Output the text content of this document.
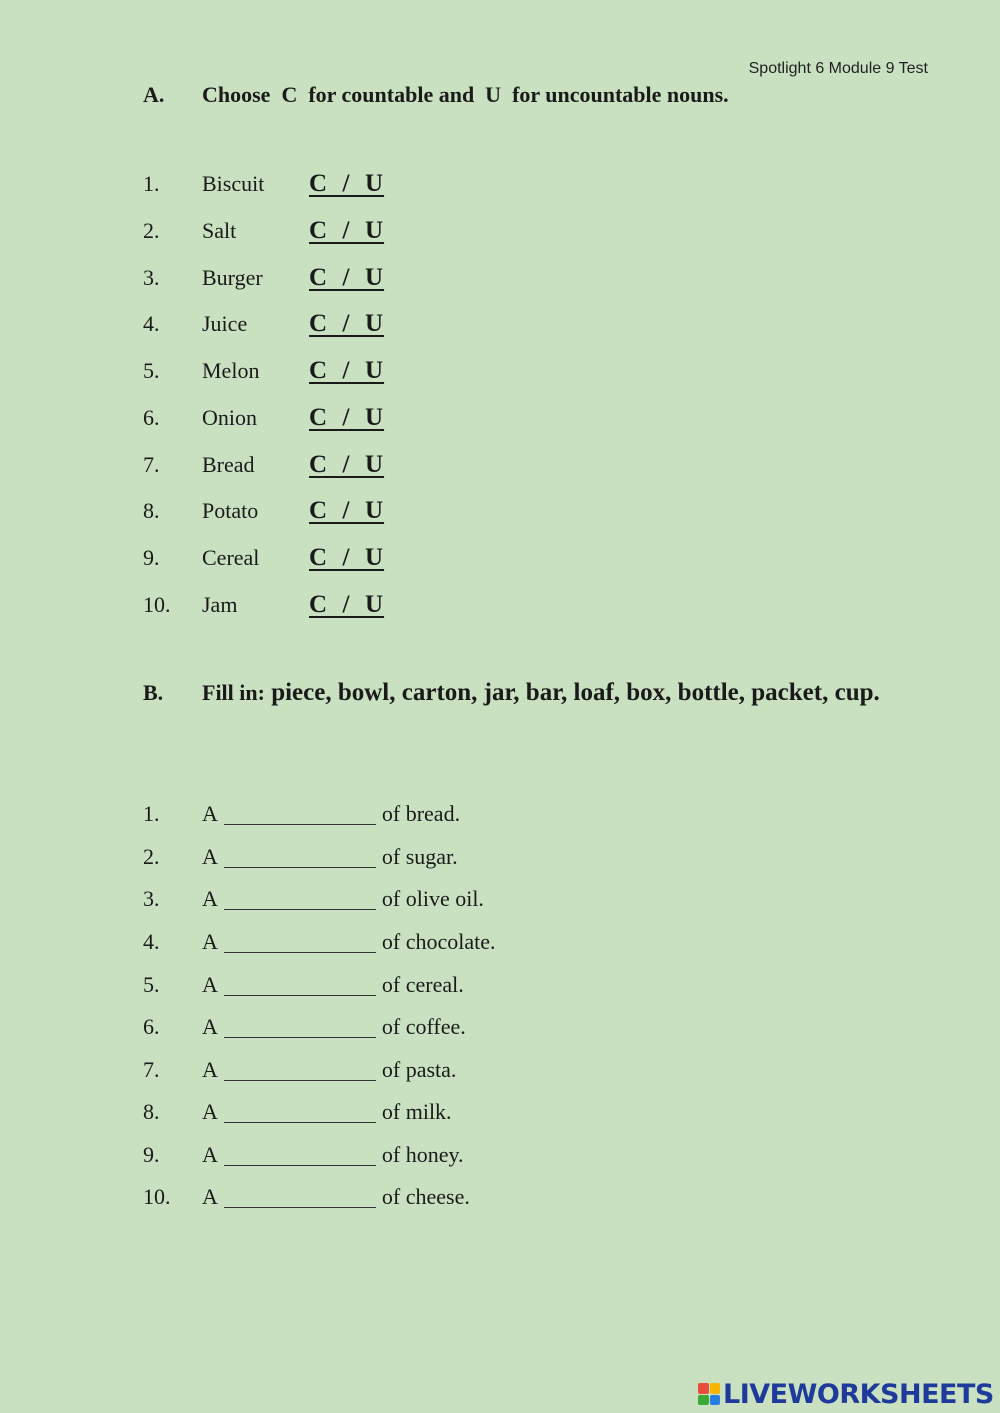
Spotlight 6 Module 9 Test
A. Choose  C  for countable and  U  for uncountable nouns.
1. Biscuit C  /  U
2. Salt	C  /  U
3. Burger C  /  U
4. Juice C  /  U
5. Melon C  /  U
6. Onion C  /  U
7. Bread C  /  U
8. Potato C  /  U
9. Cereal C  /  U
10. Jam	C  /  U
B. Fill in: piece, bowl, carton, jar, bar, loaf, box, bottle, packet, cup.
1. A	of bread.
2. A	of sugar.
3. A	of olive oil.
4. A	of chocolate.
5. A	of cereal.
6. A	of coffee.
7. A	of pasta.
8. A	of milk.
9. A	of honey.
10. A	of cheese.
LIVEWORKSHEETS
